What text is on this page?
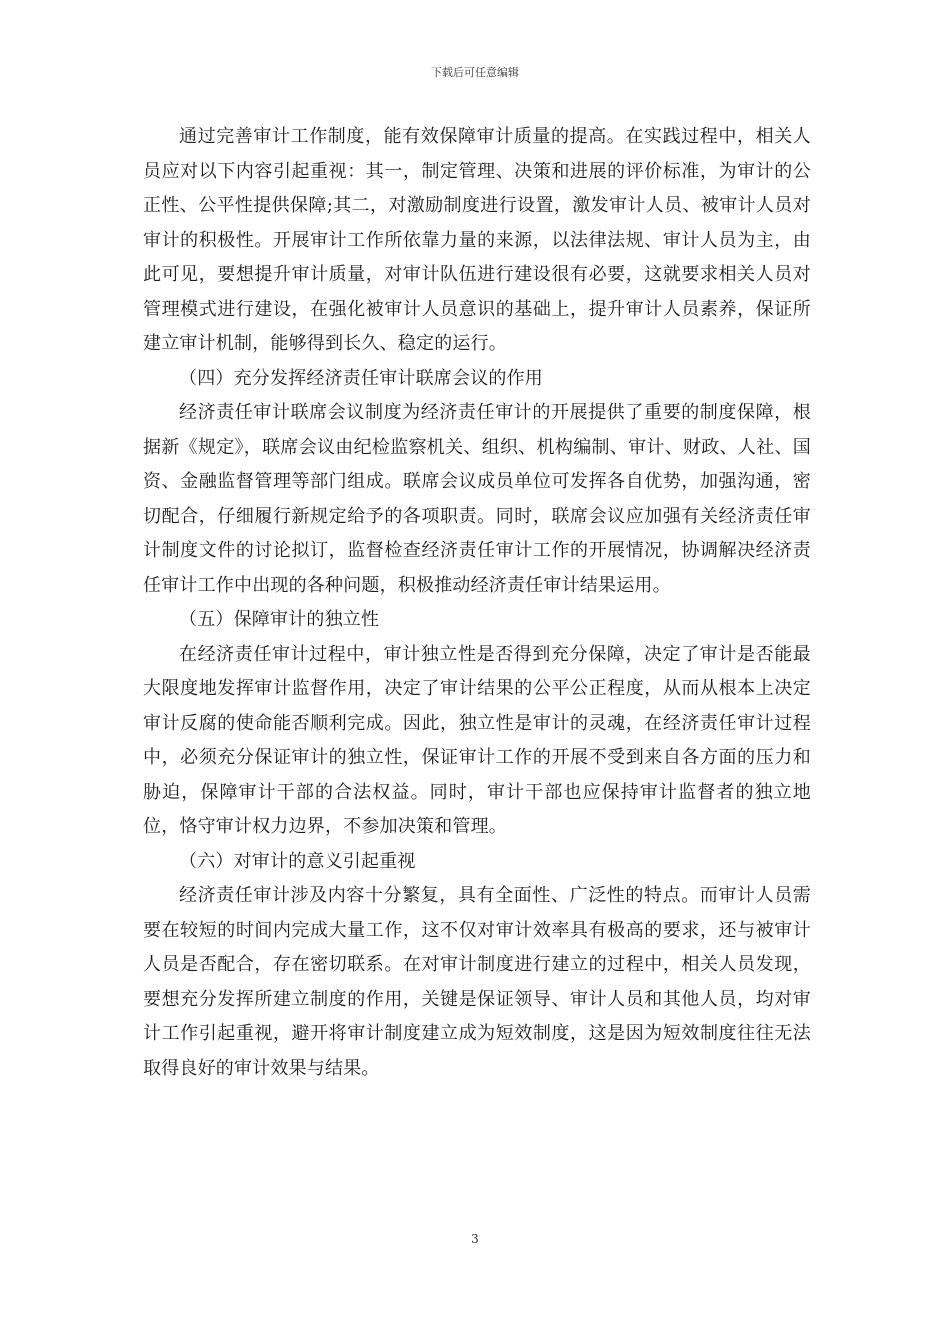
下载后可任意编辑

通过完善审计工作制度，能有效保障审计质量的提高。在实践过程中，相关人员应对以下内容引起重视：其一，制定管理、决策和进展的评价标准，为审计的公正性、公平性提供保障;其二，对激励制度进行设置，激发审计人员、被审计人员对审计的积极性。开展审计工作所依靠力量的来源，以法律法规、审计人员为主，由此可见，要想提升审计质量，对审计队伍进行建设很有必要，这就要求相关人员对管理模式进行建设，在强化被审计人员意识的基础上，提升审计人员素养，保证所建立审计机制，能够得到长久、稳定的运行。

（四）充分发挥经济责任审计联席会议的作用

经济责任审计联席会议制度为经济责任审计的开展提供了重要的制度保障，根据新《规定》，联席会议由纪检监察机关、组织、机构编制、审计、财政、人社、国资、金融监督管理等部门组成。联席会议成员单位可发挥各自优势，加强沟通，密切配合，仔细履行新规定给予的各项职责。同时，联席会议应加强有关经济责任审计制度文件的讨论拟订，监督检查经济责任审计工作的开展情况，协调解决经济责任审计工作中出现的各种问题，积极推动经济责任审计结果运用。

（五）保障审计的独立性

在经济责任审计过程中，审计独立性是否得到充分保障，决定了审计是否能最大限度地发挥审计监督作用，决定了审计结果的公平公正程度，从而从根本上决定审计反腐的使命能否顺利完成。因此，独立性是审计的灵魂，在经济责任审计过程中，必须充分保证审计的独立性，保证审计工作的开展不受到来自各方面的压力和胁迫，保障审计干部的合法权益。同时，审计干部也应保持审计监督者的独立地位，恪守审计权力边界，不参加决策和管理。

（六）对审计的意义引起重视

经济责任审计涉及内容十分繁复，具有全面性、广泛性的特点。而审计人员需要在较短的时间内完成大量工作，这不仅对审计效率具有极高的要求，还与被审计人员是否配合，存在密切联系。在对审计制度进行建立的过程中，相关人员发现，要想充分发挥所建立制度的作用，关键是保证领导、审计人员和其他人员，均对审计工作引起重视，避开将审计制度建立成为短效制度，这是因为短效制度往往无法取得良好的审计效果与结果。

3
